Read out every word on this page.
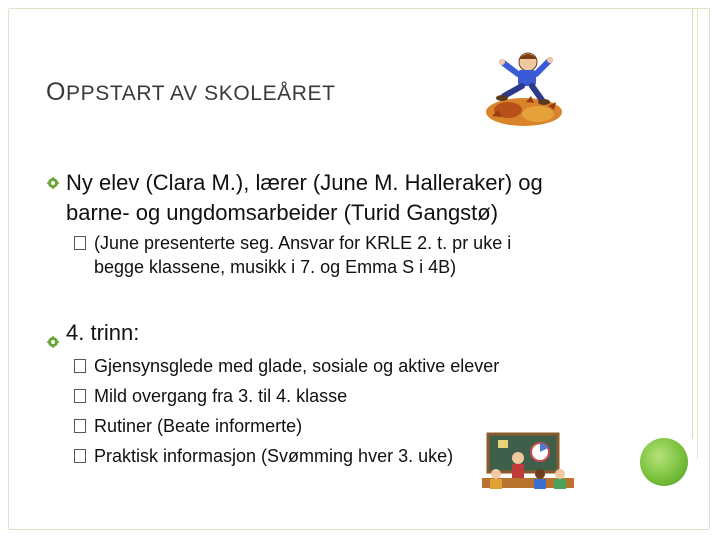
OPPSTART AV SKOLEÅRET
Ny elev (Clara M.), lærer (June M. Halleraker) og
barne- og ungdomsarbeider (Turid Gangstø)
(June presenterte seg. Ansvar for KRLE 2. t. pr uke i
begge klassene, musikk i 7. og Emma S i 4B)
4. trinn:
Gjensynsglede med glade, sosiale og aktive elever
Mild overgang fra 3. til 4. klasse
Rutiner (Beate informerte)
Praktisk informasjon (Svømming hver 3. uke)
